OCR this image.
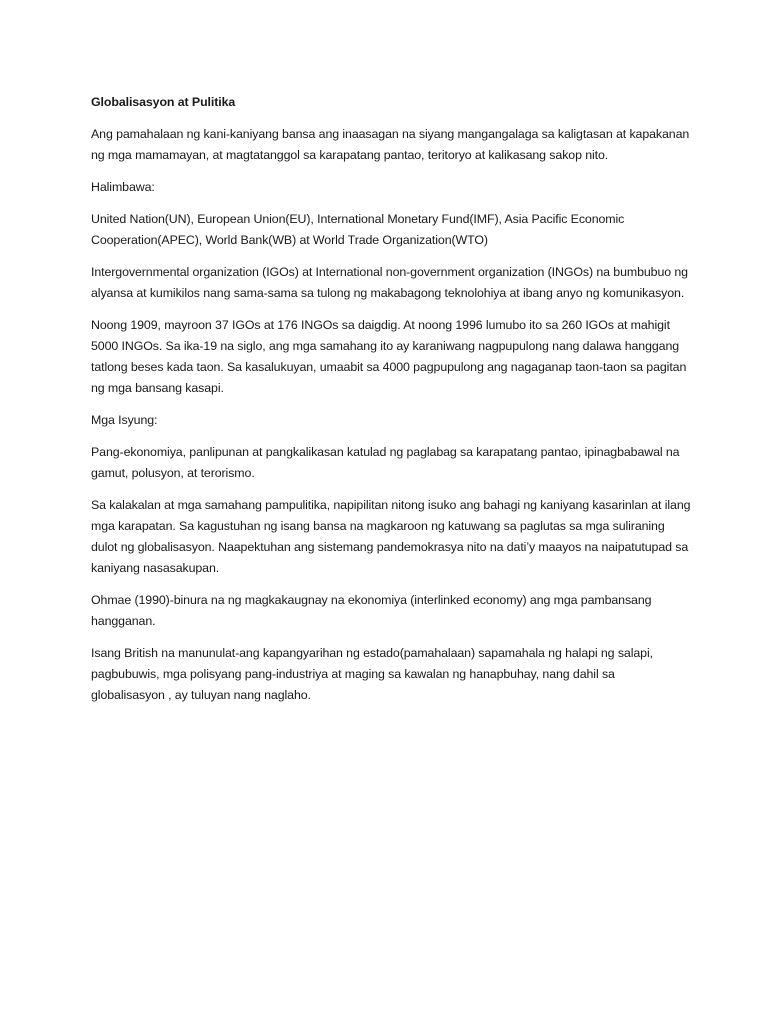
Globalisasyon at Pulitika

Ang pamahalaan ng kani-kaniyang bansa ang inaasagan na siyang mangangalaga sa kaligtasan at kapakanan ng mga mamamayan, at magtatanggol sa karapatang pantao, teritoryo at kalikasang sakop nito.

Halimbawa:

United Nation(UN), European Union(EU), International Monetary Fund(IMF), Asia Pacific Economic Cooperation(APEC), World Bank(WB) at World Trade Organization(WTO)

Intergovernmental organization (IGOs) at International non-government organization (INGOs) na bumbubuo ng alyansa at kumikilos nang sama-sama sa tulong ng makabagong teknolohiya at ibang anyo ng komunikasyon.

Noong 1909, mayroon 37 IGOs at 176 INGOs sa daigdig. At noong 1996 lumubo ito sa 260 IGOs at mahigit 5000 INGOs. Sa ika-19 na siglo, ang mga samahang ito ay karaniwang nagpupulong nang dalawa hanggang tatlong beses kada taon. Sa kasalukuyan, umaabit sa 4000 pagpupulong ang nagaganap taon-taon sa pagitan ng mga bansang kasapi.

Mga Isyung:

Pang-ekonomiya, panlipunan at pangkalikasan katulad ng paglabag sa karapatang pantao, ipinagbabawal na gamut, polusyon, at terorismo.

Sa kalakalan at mga samahang pampulitika, napipilitan nitong isuko ang bahagi ng kaniyang kasarinlan at ilang mga karapatan. Sa kagustuhan ng isang bansa na magkaroon ng katuwang sa paglutas sa mga suliraning dulot ng globalisasyon. Naapektuhan ang sistemang pandemokrasya nito na dati’y maayos na naipatutupad sa kaniyang nasasakupan.

Ohmae (1990)-binura na ng magkakaugnay na ekonomiya (interlinked economy) ang mga pambansang hangganan.

Isang British na manunulat-ang kapangyarihan ng estado(pamahalaan) sapamahala ng halapi ng salapi, pagbubuwis, mga polisyang pang-industriya at maging sa kawalan ng hanapbuhay, nang dahil sa globalisasyon , ay tuluyan nang naglaho.
